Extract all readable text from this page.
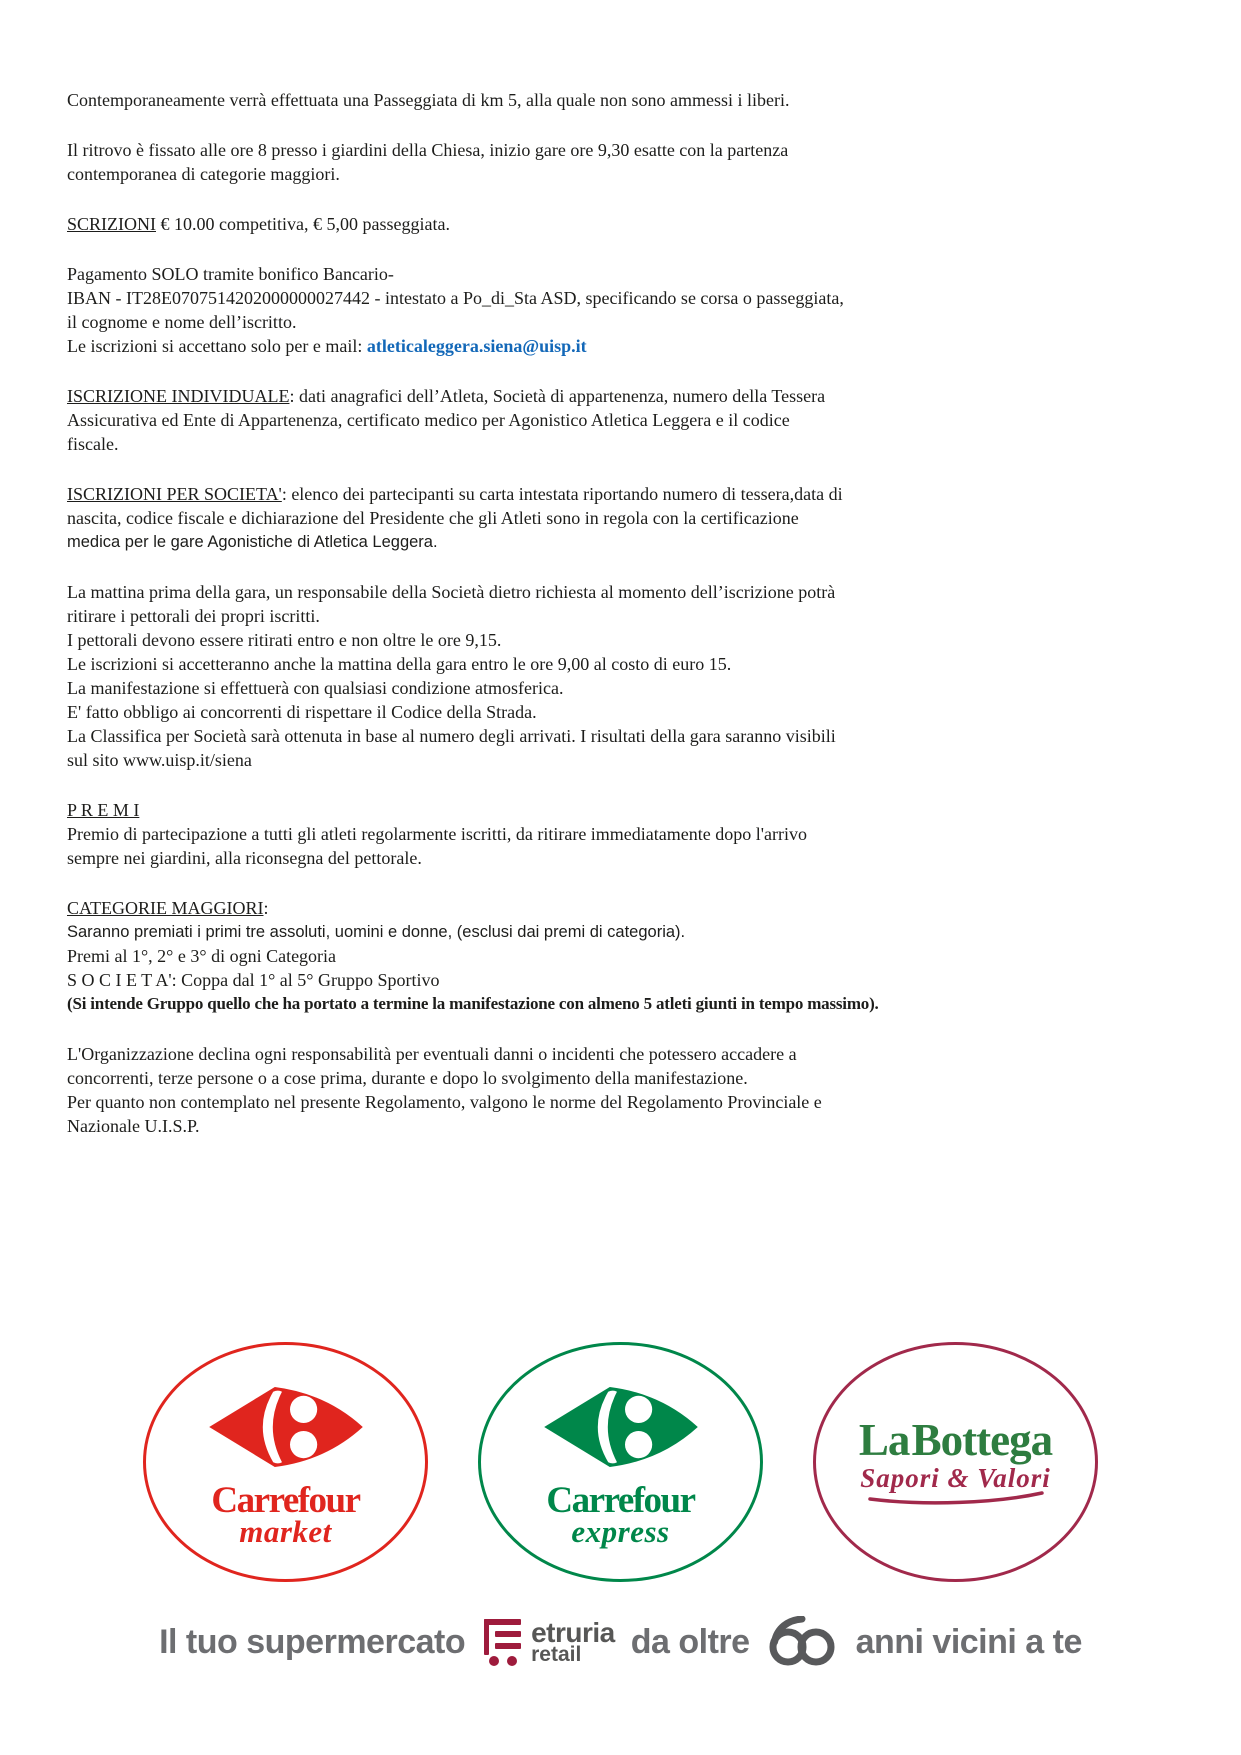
Contemporaneamente verrà effettuata una Passeggiata di km 5, alla quale non sono ammessi i liberi.
Il ritrovo è fissato alle ore 8 presso i giardini della Chiesa, inizio gare ore 9,30 esatte con la partenza
contemporanea di categorie maggiori.
SCRIZIONI € 10.00 competitiva, € 5,00 passeggiata.
Pagamento SOLO tramite bonifico Bancario-
IBAN - IT28E0707514202000000027442 - intestato a Po_di_Sta ASD, specificando se corsa o passeggiata,
il cognome e nome dell’iscritto.
Le iscrizioni si accettano solo per e mail: atleticaleggera.siena@uisp.it
ISCRIZIONE INDIVIDUALE: dati anagrafici dell’Atleta, Società di appartenenza, numero della Tessera
Assicurativa ed Ente di Appartenenza, certificato medico per Agonistico Atletica Leggera e il codice
fiscale.
ISCRIZIONI PER SOCIETA': elenco dei partecipanti su carta intestata riportando numero di tessera,data di
nascita, codice fiscale e dichiarazione del Presidente che gli Atleti sono in regola con la certificazione
medica per le gare Agonistiche di Atletica Leggera.
La mattina prima della gara, un responsabile della Società dietro richiesta al momento dell’iscrizione potrà
ritirare i pettorali dei propri iscritti.
I pettorali devono essere ritirati entro e non oltre le ore 9,15.
Le iscrizioni si accetteranno anche la mattina della gara entro le ore 9,00 al costo di euro 15.
La manifestazione si effettuerà con qualsiasi condizione atmosferica.
E' fatto obbligo ai concorrenti di rispettare il Codice della Strada.
La Classifica per Società sarà ottenuta in base al numero degli arrivati. I risultati della gara saranno visibili
sul sito www.uisp.it/siena
P R E M I
Premio di partecipazione a tutti gli atleti regolarmente iscritti, da ritirare immediatamente dopo l'arrivo
sempre nei giardini, alla riconsegna del pettorale.
CATEGORIE MAGGIORI:
Saranno premiati i primi tre assoluti, uomini e donne, (esclusi dai premi di categoria).
Premi al 1°, 2° e 3° di ogni Categoria
S O C I E T A': Coppa dal 1° al 5° Gruppo Sportivo
(Si intende Gruppo quello che ha portato a termine la manifestazione con almeno 5 atleti giunti in tempo massimo).
L'Organizzazione declina ogni responsabilità per eventuali danni o incidenti che potessero accadere a
concorrenti, terze persone o a cose prima, durante e dopo lo svolgimento della manifestazione.
Per quanto non contemplato nel presente Regolamento, valgono le norme del Regolamento Provinciale e
Nazionale U.I.S.P.
Carrefour
market
Carrefour
express
La Bottega
Sapori & Valori
Il tuo supermercato etruria
retail da oltre	anni vicini a te
